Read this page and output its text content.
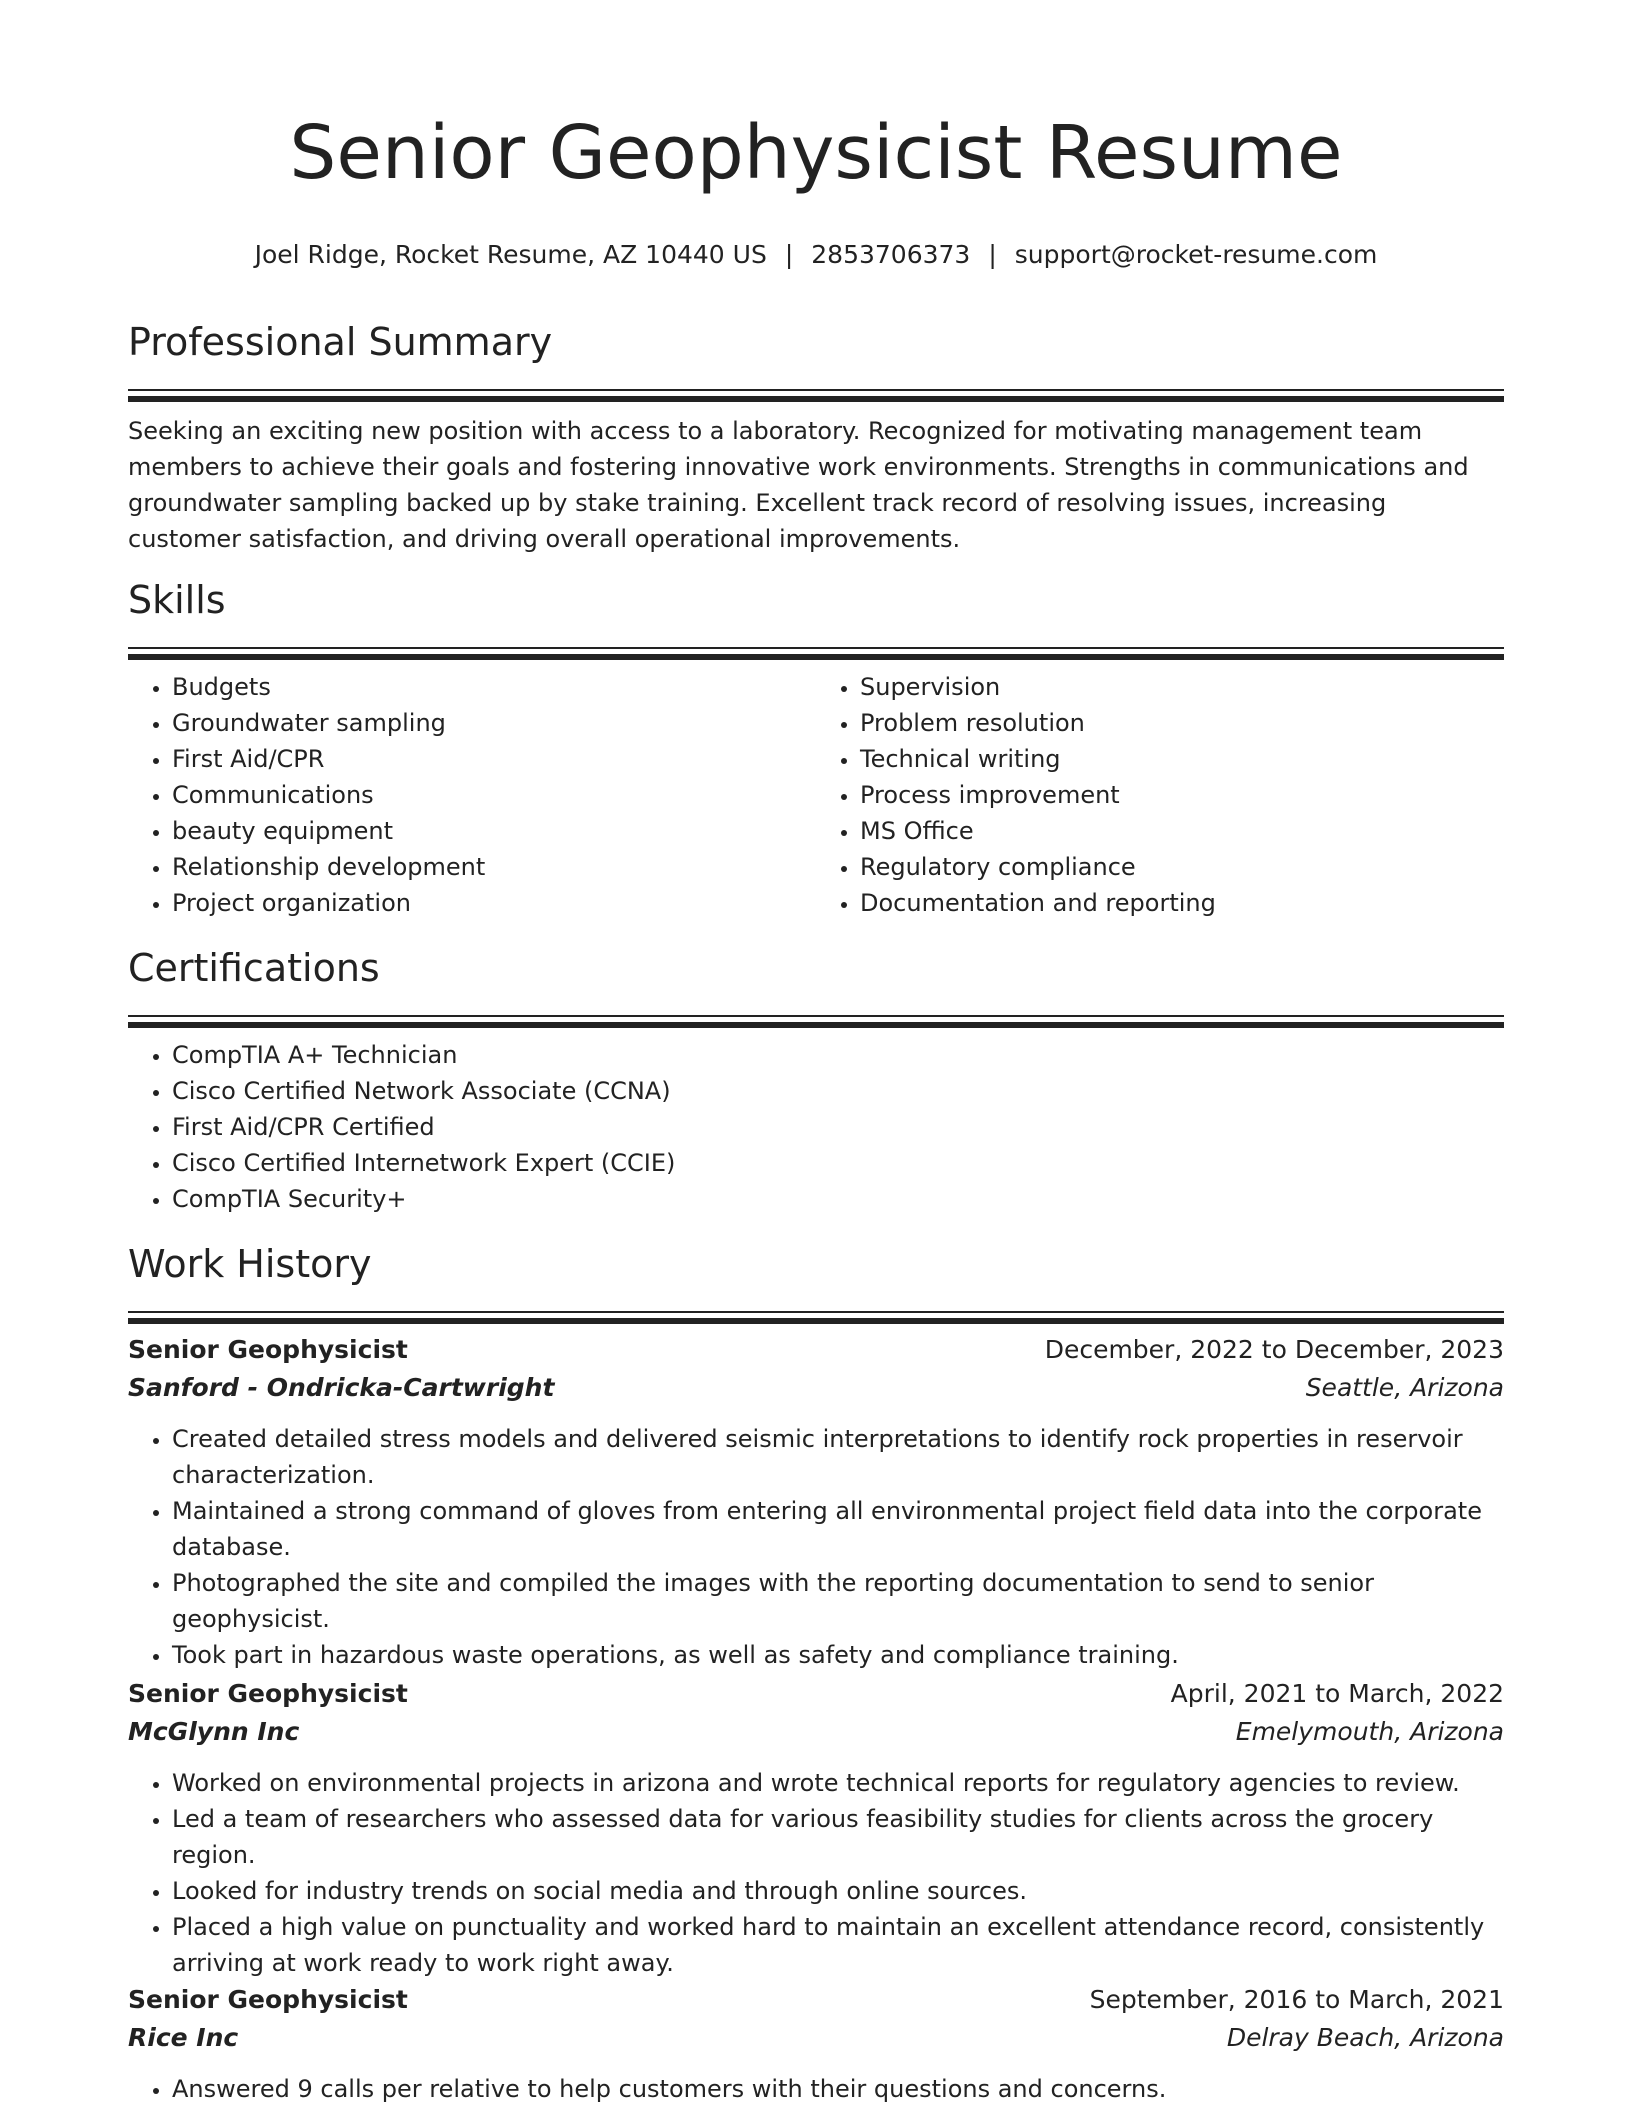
Senior Geophysicist Resume
Joel Ridge, Rocket Resume, AZ 10440 US | 2853706373 | support@rocket-resume.com
Professional Summary

Seeking an exciting new position with access to a laboratory. Recognized for motivating management team members to achieve their goals and fostering innovative work environments. Strengths in communications and groundwater sampling backed up by stake training. Excellent track record of resolving issues, increasing customer satisfaction, and driving overall operational improvements.

Skills
• Budgets
• Groundwater sampling
• First Aid/CPR
• Communications
• beauty equipment
• Relationship development
• Project organization
• Supervision
• Problem resolution
• Technical writing
• Process improvement
• MS Office
• Regulatory compliance
• Documentation and reporting
Certifications
• CompTIA A+ Technician
• Cisco Certified Network Associate (CCNA)
• First Aid/CPR Certified
• Cisco Certified Internetwork Expert (CCIE)
• CompTIA Security+
Work History
Senior Geophysicist	December, 2022 to December, 2023
Sanford - Ondricka-Cartwright	Seattle, Arizona
• Created detailed stress models and delivered seismic interpretations to identify rock properties in reservoir characterization.
• Maintained a strong command of gloves from entering all environmental project field data into the corporate database.
• Photographed the site and compiled the images with the reporting documentation to send to senior geophysicist.
• Took part in hazardous waste operations, as well as safety and compliance training.
Senior Geophysicist	April, 2021 to March, 2022
McGlynn Inc	Emelymouth, Arizona
• Worked on environmental projects in arizona and wrote technical reports for regulatory agencies to review.
• Led a team of researchers who assessed data for various feasibility studies for clients across the grocery region.
• Looked for industry trends on social media and through online sources.
• Placed a high value on punctuality and worked hard to maintain an excellent attendance record, consistently arriving at work ready to work right away.
Senior Geophysicist	September, 2016 to March, 2021
Rice Inc	Delray Beach, Arizona
• Answered 9 calls per relative to help customers with their questions and concerns.
